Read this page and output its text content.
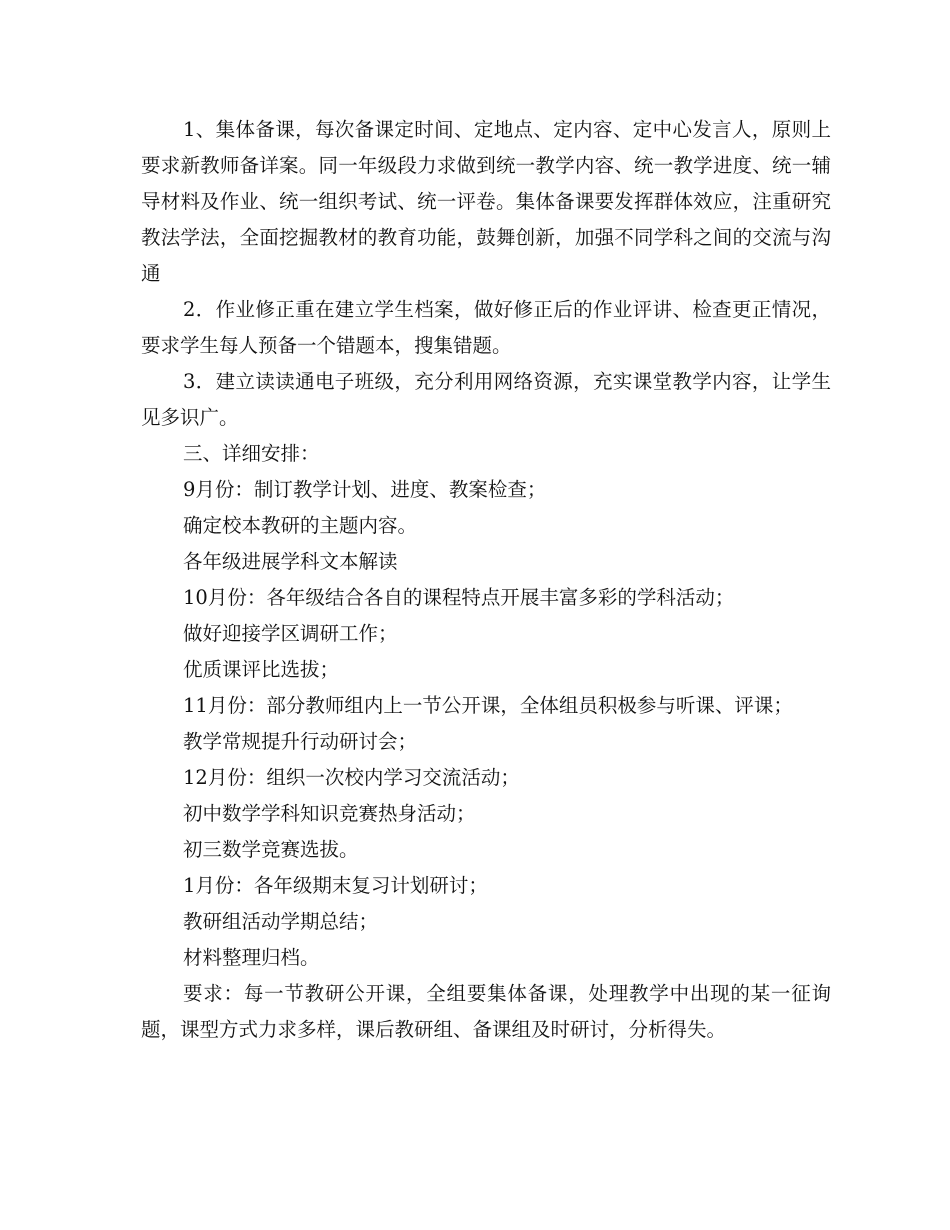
1、集体备课，每次备课定时间、定地点、定内容、定中心发言人，原则上要求新教师备详案。同一年级段力求做到统一教学内容、统一教学进度、统一辅导材料及作业、统一组织考试、统一评卷。集体备课要发挥群体效应，注重研究教法学法，全面挖掘教材的教育功能，鼓舞创新，加强不同学科之间的交流与沟通

2．作业修正重在建立学生档案，做好修正后的作业评讲、检查更正情况，要求学生每人预备一个错题本，搜集错题。

3．建立读读通电子班级，充分利用网络资源，充实课堂教学内容，让学生见多识广。

三、详细安排：

9月份：制订教学计划、进度、教案检查；

确定校本教研的主题内容。

各年级进展学科文本解读

10月份：各年级结合各自的课程特点开展丰富多彩的学科活动；

做好迎接学区调研工作；

优质课评比选拔；

11月份：部分教师组内上一节公开课，全体组员积极参与听课、评课；

教学常规提升行动研讨会；

12月份：组织一次校内学习交流活动；

初中数学学科知识竞赛热身活动；

初三数学竞赛选拔。

1月份：各年级期末复习计划研讨；

教研组活动学期总结；

材料整理归档。

要求：每一节教研公开课，全组要集体备课，处理教学中出现的某一征询题，课型方式力求多样，课后教研组、备课组及时研讨，分析得失。
